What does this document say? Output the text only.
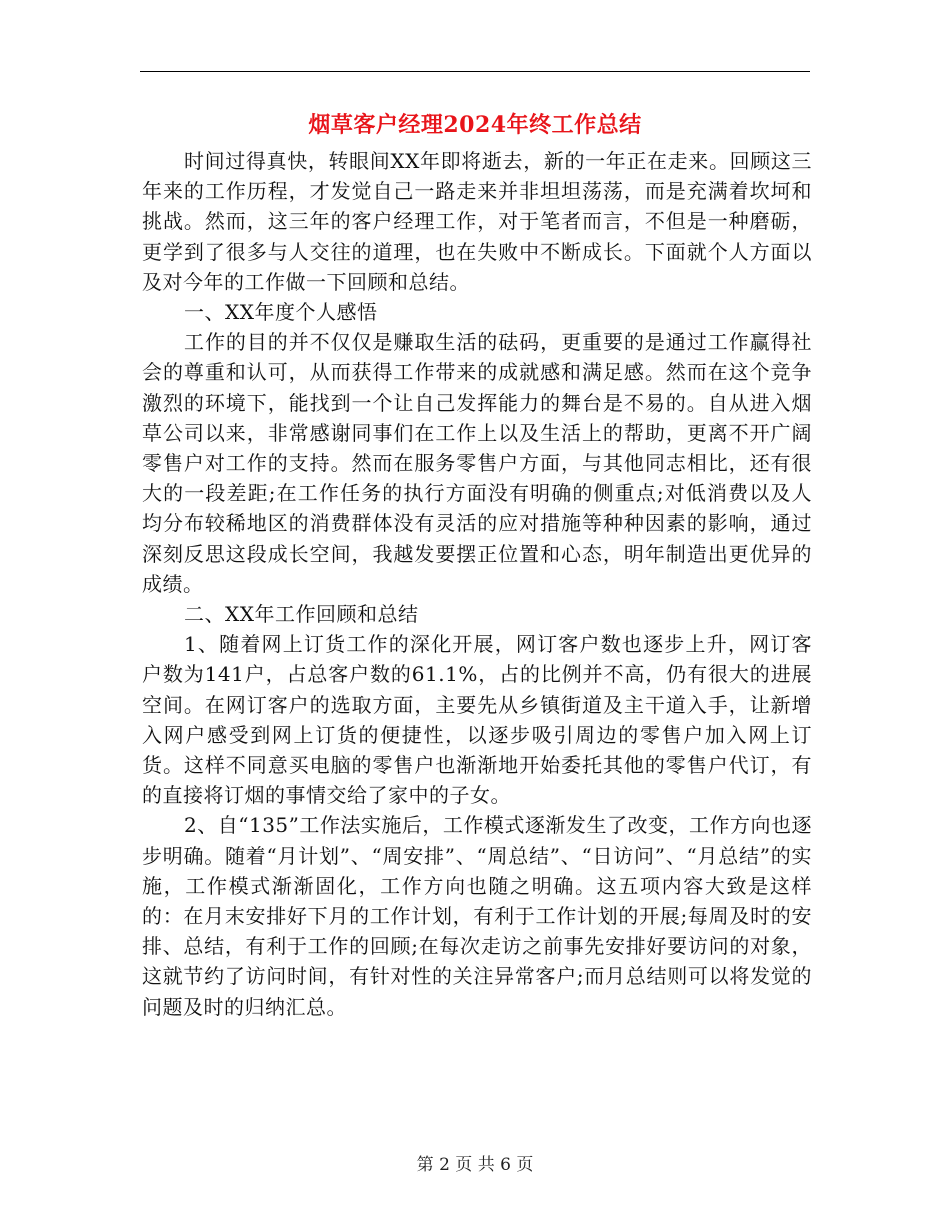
烟草客户经理2024年终工作总结

时间过得真快，转眼间XX年即将逝去，新的一年正在走来。回顾这三年来的工作历程，才发觉自己一路走来并非坦坦荡荡，而是充满着坎坷和挑战。然而，这三年的客户经理工作，对于笔者而言，不但是一种磨砺，更学到了很多与人交往的道理，也在失败中不断成长。下面就个人方面以及对今年的工作做一下回顾和总结。

一、XX年度个人感悟

工作的目的并不仅仅是赚取生活的砝码，更重要的是通过工作赢得社会的尊重和认可，从而获得工作带来的成就感和满足感。然而在这个竞争激烈的环境下，能找到一个让自己发挥能力的舞台是不易的。自从进入烟草公司以来，非常感谢同事们在工作上以及生活上的帮助，更离不开广阔零售户对工作的支持。然而在服务零售户方面，与其他同志相比，还有很大的一段差距;在工作任务的执行方面没有明确的侧重点;对低消费以及人均分布较稀地区的消费群体没有灵活的应对措施等种种因素的影响，通过深刻反思这段成长空间，我越发要摆正位置和心态，明年制造出更优异的成绩。

二、XX年工作回顾和总结

1、随着网上订货工作的深化开展，网订客户数也逐步上升，网订客户数为141户，占总客户数的61.1%，占的比例并不高，仍有很大的进展空间。在网订客户的选取方面，主要先从乡镇街道及主干道入手，让新增入网户感受到网上订货的便捷性，以逐步吸引周边的零售户加入网上订货。这样不同意买电脑的零售户也渐渐地开始委托其他的零售户代订，有的直接将订烟的事情交给了家中的子女。

2、自“135”工作法实施后，工作模式逐渐发生了改变，工作方向也逐步明确。随着“月计划”、“周安排”、“周总结”、“日访问”、“月总结”的实施，工作模式渐渐固化，工作方向也随之明确。这五项内容大致是这样的：在月末安排好下月的工作计划，有利于工作计划的开展;每周及时的安排、总结，有利于工作的回顾;在每次走访之前事先安排好要访问的对象，这就节约了访问时间，有针对性的关注异常客户;而月总结则可以将发觉的问题及时的归纳汇总。

第 2 页 共 6 页
